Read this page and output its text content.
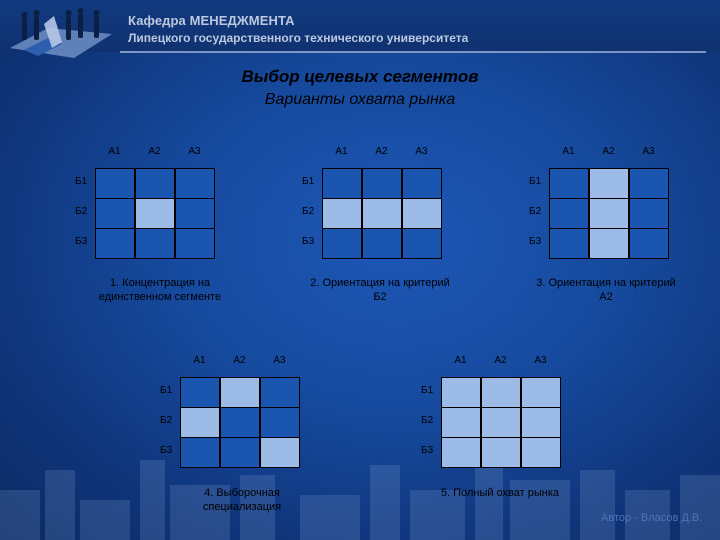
Кафедра МЕНЕДЖМЕНТА
Липецкого государственного технического университета
Выбор целевых сегментов
Варианты охвата рынка
А1	А2	А3
Б1
Б2
Б3
1. Концентрация на
единственном сегменте
А1	А2	А3
Б1
Б2
Б3
2. Ориентация на критерий
Б2
А1	А2	А3
Б1
Б2
Б3
3. Ориентация на критерий
А2
А1	А2	А3
Б1
Б2
Б3
4. Выборочная
специализация
А1	А2	А3
Б1
Б2
Б3
5. Полный охват рынка
Автор - Власов Д.В.
